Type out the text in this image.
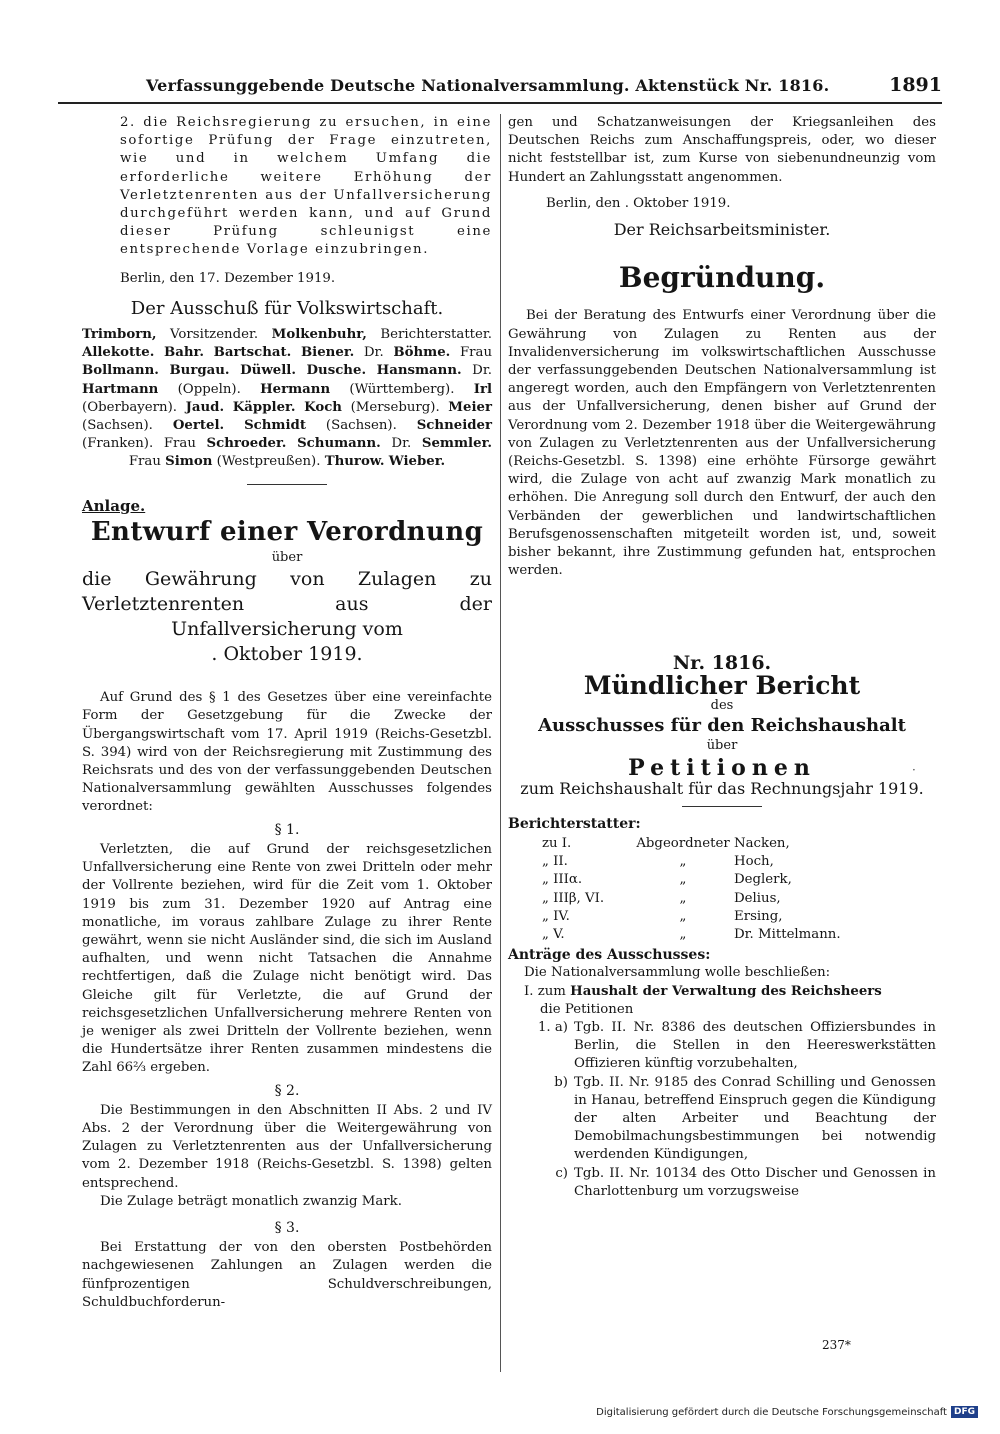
Verfassunggebende Deutsche Nationalversammlung. Aktenstück Nr. 1816.	1891

2. die Reichsregierung zu ersuchen, in eine sofortige Prüfung der Frage einzutreten, wie und in welchem Umfang die erforderliche weitere Erhöhung der Verletztenrenten aus der Unfallversicherung durchgeführt werden kann, und auf Grund dieser Prüfung schleunigst eine entsprechende Vorlage einzubringen.

Berlin, den 17. Dezember 1919.

Der Ausschuß für Volkswirtschaft.

Trimborn, Vorsitzender. Molkenbuhr, Berichterstatter. Allekotte. Bahr. Bartschat. Biener. Dr. Böhme. Frau Bollmann. Burgau. Düwell. Dusche. Hansmann. Dr. Hartmann (Oppeln). Hermann (Württemberg). Irl (Oberbayern). Jaud. Käppler. Koch (Merseburg). Meier (Sachsen). Oertel. Schmidt (Sachsen). Schneider (Franken). Frau Schroeder. Schumann. Dr. Semmler. Frau Simon (Westpreußen). Thurow. Wieber.

Anlage.

Entwurf einer Verordnung

über

die Gewährung von Zulagen zu Verletztenrenten aus der Unfallversicherung vom

. Oktober 1919.

Auf Grund des § 1 des Gesetzes über eine vereinfachte Form der Gesetzgebung für die Zwecke der Übergangswirtschaft vom 17. April 1919 (Reichs-Gesetzbl. S. 394) wird von der Reichsregierung mit Zustimmung des Reichsrats und des von der verfassunggebenden Deutschen Nationalversammlung gewählten Ausschusses folgendes verordnet:

§ 1.

Verletzten, die auf Grund der reichsgesetzlichen Unfallversicherung eine Rente von zwei Dritteln oder mehr der Vollrente beziehen, wird für die Zeit vom 1. Oktober 1919 bis zum 31. Dezember 1920 auf Antrag eine monatliche, im voraus zahlbare Zulage zu ihrer Rente gewährt, wenn sie nicht Ausländer sind, die sich im Ausland aufhalten, und wenn nicht Tatsachen die Annahme rechtfertigen, daß die Zulage nicht benötigt wird. Das Gleiche gilt für Verletzte, die auf Grund der reichsgesetzlichen Unfallversicherung mehrere Renten von je weniger als zwei Dritteln der Vollrente beziehen, wenn die Hundertsätze ihrer Renten zusammen mindestens die Zahl 66⅔ ergeben.

§ 2.

Die Bestimmungen in den Abschnitten II Abs. 2 und IV Abs. 2 der Verordnung über die Weitergewährung von Zulagen zu Verletztenrenten aus der Unfallversicherung vom 2. Dezember 1918 (Reichs-Gesetzbl. S. 1398) gelten entsprechend.

Die Zulage beträgt monatlich zwanzig Mark.

§ 3.

Bei Erstattung der von den obersten Postbehörden nachgewiesenen Zahlungen an Zulagen werden die fünfprozentigen Schuldverschreibungen, Schuldbuchforderun-

gen und Schatzanweisungen der Kriegsanleihen des Deutschen Reichs zum Anschaffungspreis, oder, wo dieser nicht feststellbar ist, zum Kurse von siebenundneunzig vom Hundert an Zahlungsstatt angenommen.

Berlin, den . Oktober 1919.

Der Reichsarbeitsminister.

Begründung.

Bei der Beratung des Entwurfs einer Verordnung über die Gewährung von Zulagen zu Renten aus der Invalidenversicherung im volkswirtschaftlichen Ausschusse der verfassunggebenden Deutschen Nationalversammlung ist angeregt worden, auch den Empfängern von Verletztenrenten aus der Unfallversicherung, denen bisher auf Grund der Verordnung vom 2. Dezember 1918 über die Weitergewährung von Zulagen zu Verletztenrenten aus der Unfallversicherung (Reichs-Gesetzbl. S. 1398) eine erhöhte Fürsorge gewährt wird, die Zulage von acht auf zwanzig Mark monatlich zu erhöhen. Die Anregung soll durch den Entwurf, der auch den Verbänden der gewerblichen und landwirtschaftlichen Berufsgenossenschaften mitgeteilt worden ist, und, soweit bisher bekannt, ihre Zustimmung gefunden hat, entsprochen werden.

Nr. 1816.

Mündlicher Bericht

des

Ausschusses für den Reichshaushalt

über

Petitionen

zum Reichshaushalt für das Rechnungsjahr 1919.

Berichterstatter:

zu I.	Abgeordneter Nacken,
„ II.	„	Hoch,
„ IIIα.	„	Deglerk,
„ IIIβ, VI.	„	Delius,
„ IV.	„	Ersing,
„ V.	„	Dr. Mittelmann.

Anträge des Ausschusses:

Die Nationalversammlung wolle beschließen:

I. zum Haushalt der Verwaltung des Reichsheers

die Petitionen

1. a) Tgb. II. Nr. 8386 des deutschen Offiziersbundes in Berlin, die Stellen in den Heereswerkstätten Offizieren künftig vorzubehalten,
b) Tgb. II. Nr. 9185 des Conrad Schilling und Genossen in Hanau, betreffend Einspruch gegen die Kündigung der alten Arbeiter und Beachtung der Demobilmachungsbestimmungen bei notwendig werdenden Kündigungen,
c) Tgb. II. Nr. 10134 des Otto Discher und Genossen in Charlottenburg um vorzugsweise
·
237*
Digitalisierung gefördert durch die Deutsche Forschungsgemeinschaft DFG
